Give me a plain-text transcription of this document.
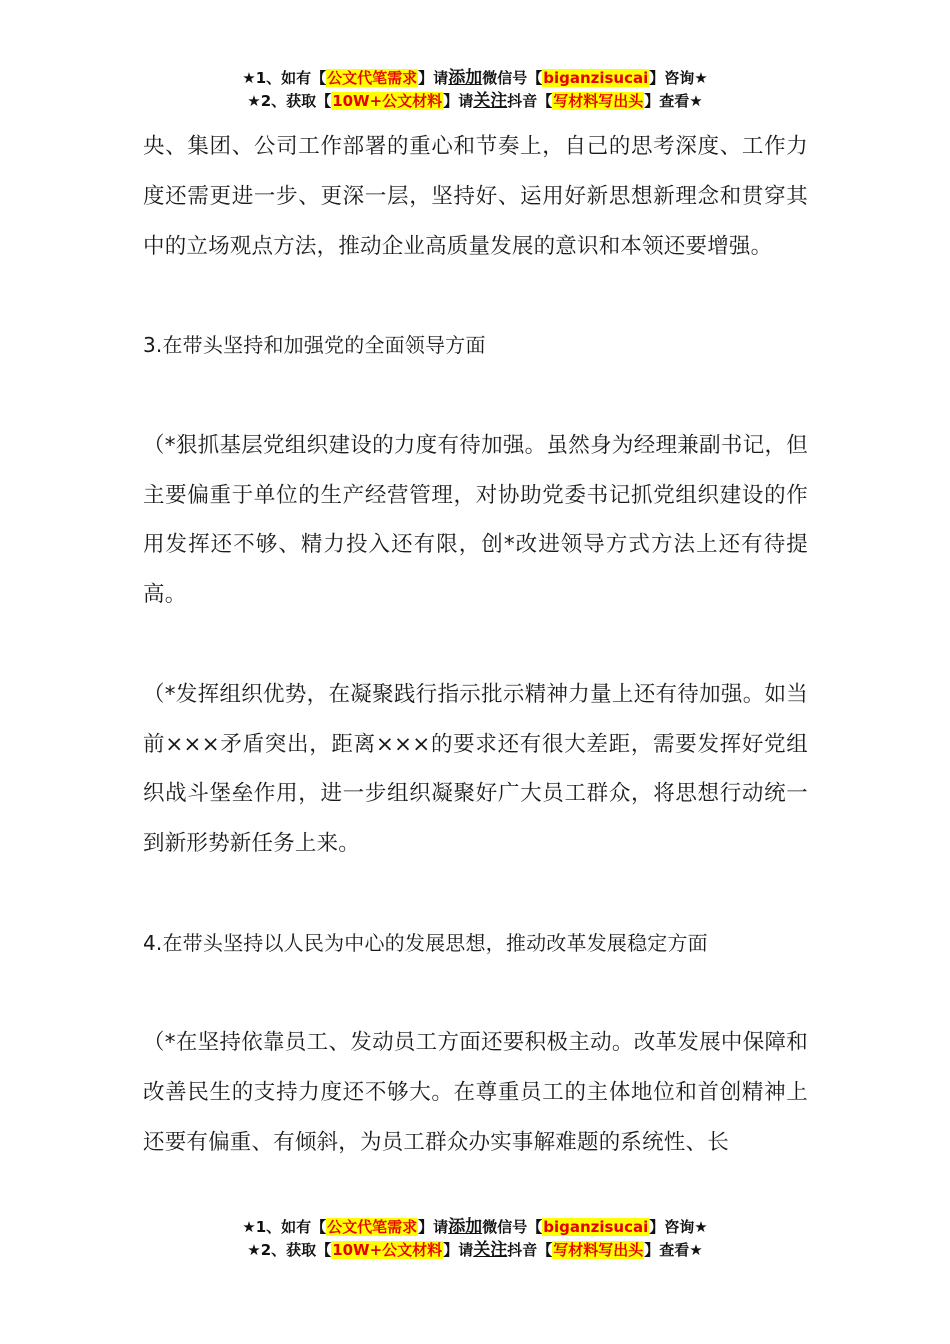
★1、如有【公文代笔需求】请添加微信号【biganzisucai】咨询★
★2、获取【10W+公文材料】请关注抖音【写材料写出头】查看★

央、集团、公司工作部署的重心和节奏上，自己的思考深度、工作力度还需更进一步、更深一层，坚持好、运用好新思想新理念和贯穿其中的立场观点方法，推动企业高质量发展的意识和本领还要增强。

3.在带头坚持和加强党的全面领导方面

（*狠抓基层党组织建设的力度有待加强。虽然身为经理兼副书记，但主要偏重于单位的生产经营管理，对协助党委书记抓党组织建设的作用发挥还不够、精力投入还有限，创*改进领导方式方法上还有待提高。

（*发挥组织优势，在凝聚践行指示批示精神力量上还有待加强。如当前×××矛盾突出，距离×××的要求还有很大差距，需要发挥好党组织战斗堡垒作用，进一步组织凝聚好广大员工群众，将思想行动统一到新形势新任务上来。

4.在带头坚持以人民为中心的发展思想，推动改革发展稳定方面

（*在坚持依靠员工、发动员工方面还要积极主动。改革发展中保障和改善民生的支持力度还不够大。在尊重员工的主体地位和首创精神上还要有偏重、有倾斜，为员工群众办实事解难题的系统性、长

★1、如有【公文代笔需求】请添加微信号【biganzisucai】咨询★
★2、获取【10W+公文材料】请关注抖音【写材料写出头】查看★
